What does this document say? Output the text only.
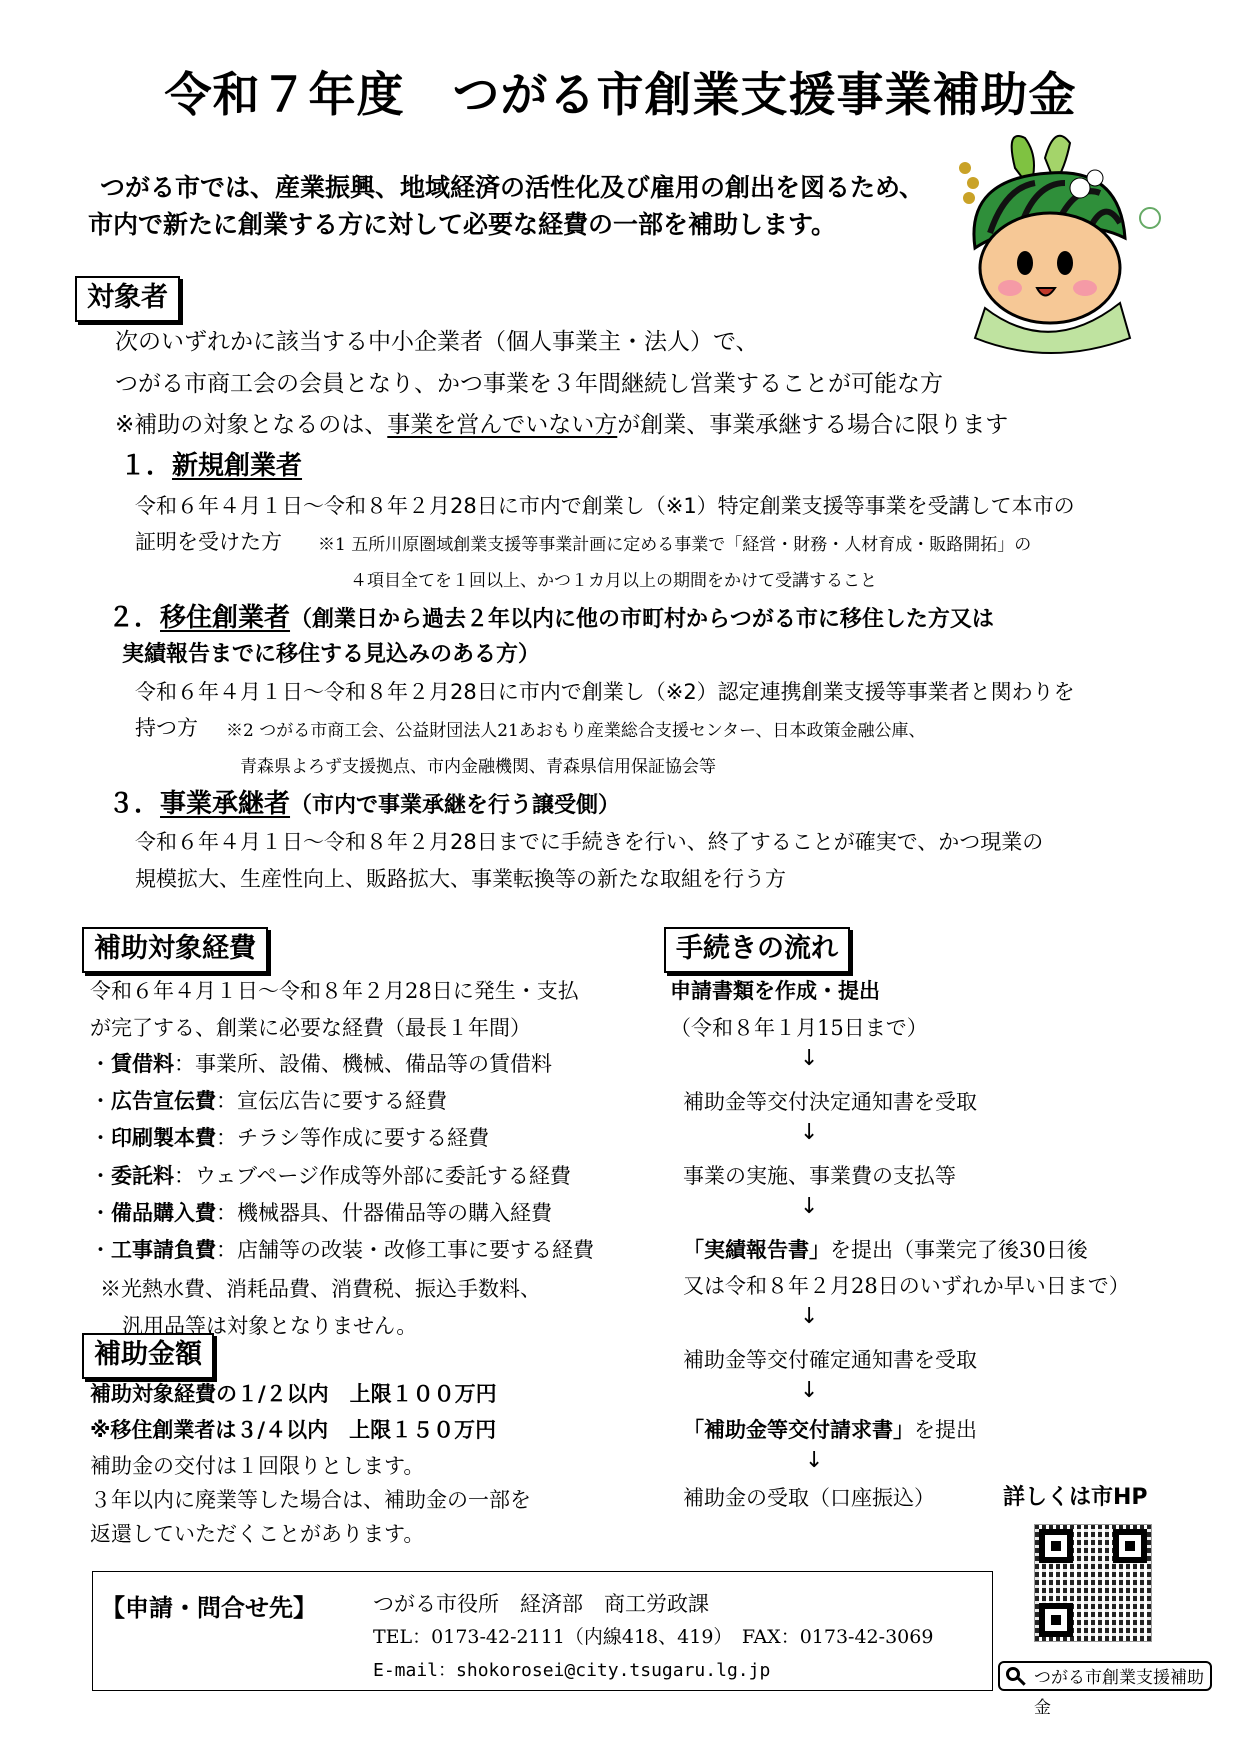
令和７年度　つがる市創業支援事業補助金
つがる市では、産業振興、地域経済の活性化及び雇用の創出を図るため、
市内で新たに創業する方に対して必要な経費の一部を補助します。
対象者
次のいずれかに該当する中小企業者（個人事業主・法人）で、
つがる市商工会の会員となり、かつ事業を３年間継続し営業することが可能な方
※補助の対象となるのは、事業を営んでいない方が創業、事業承継する場合に限ります
１．新規創業者
令和６年４月１日～令和８年２月28日に市内で創業し（※1）特定創業支援等事業を受講して本市の
証明を受けた方 ※1 五所川原圏域創業支援等事業計画に定める事業で「経営・財務・人材育成・販路開拓」の
４項目全てを１回以上、かつ１カ月以上の期間をかけて受講すること
２．移住創業者（創業日から過去２年以内に他の市町村からつがる市に移住した方又は
実績報告までに移住する見込みのある方）
令和６年４月１日～令和８年２月28日に市内で創業し（※2）認定連携創業支援等事業者と関わりを
持つ方 ※2 つがる市商工会、公益財団法人21あおもり産業総合支援センター、日本政策金融公庫、
青森県よろず支援拠点、市内金融機関、青森県信用保証協会等
３．事業承継者（市内で事業承継を行う譲受側）
令和６年４月１日～令和８年２月28日までに手続きを行い、終了することが確実で、かつ現業の
規模拡大、生産性向上、販路拡大、事業転換等の新たな取組を行う方
補助対象経費
令和６年４月１日～令和８年２月28日に発生・支払
が完了する、創業に必要な経費（最長１年間）
・賃借料：事業所、設備、機械、備品等の賃借料
・広告宣伝費：宣伝広告に要する経費
・印刷製本費：チラシ等作成に要する経費
・委託料：ウェブページ作成等外部に委託する経費
・備品購入費：機械器具、什器備品等の購入経費
・工事請負費：店舗等の改装・改修工事に要する経費
※光熱水費、消耗品費、消費税、振込手数料、
汎用品等は対象となりません。
補助金額
補助対象経費の１/２以内　上限１００万円
※移住創業者は３/４以内　上限１５０万円
補助金の交付は１回限りとします。
３年以内に廃業等した場合は、補助金の一部を
返還していただくことがあります。
手続きの流れ
申請書類を作成・提出
（令和８年１月15日まで）
↓
補助金等交付決定通知書を受取
↓
事業の実施、事業費の支払等
↓
「実績報告書」を提出（事業完了後30日後
又は令和８年２月28日のいずれか早い日まで）
↓
補助金等交付確定通知書を受取
↓
「補助金等交付請求書」を提出
↓
補助金の受取（口座振込）	詳しくは市HP
つがる市創業支援補助金
【申請・問合せ先】	つがる市役所　経済部　商工労政課
TEL：0173-42-2111（内線418、419）　FAX：0173-42-3069
E-mail：shokorosei@city.tsugaru.lg.jp
